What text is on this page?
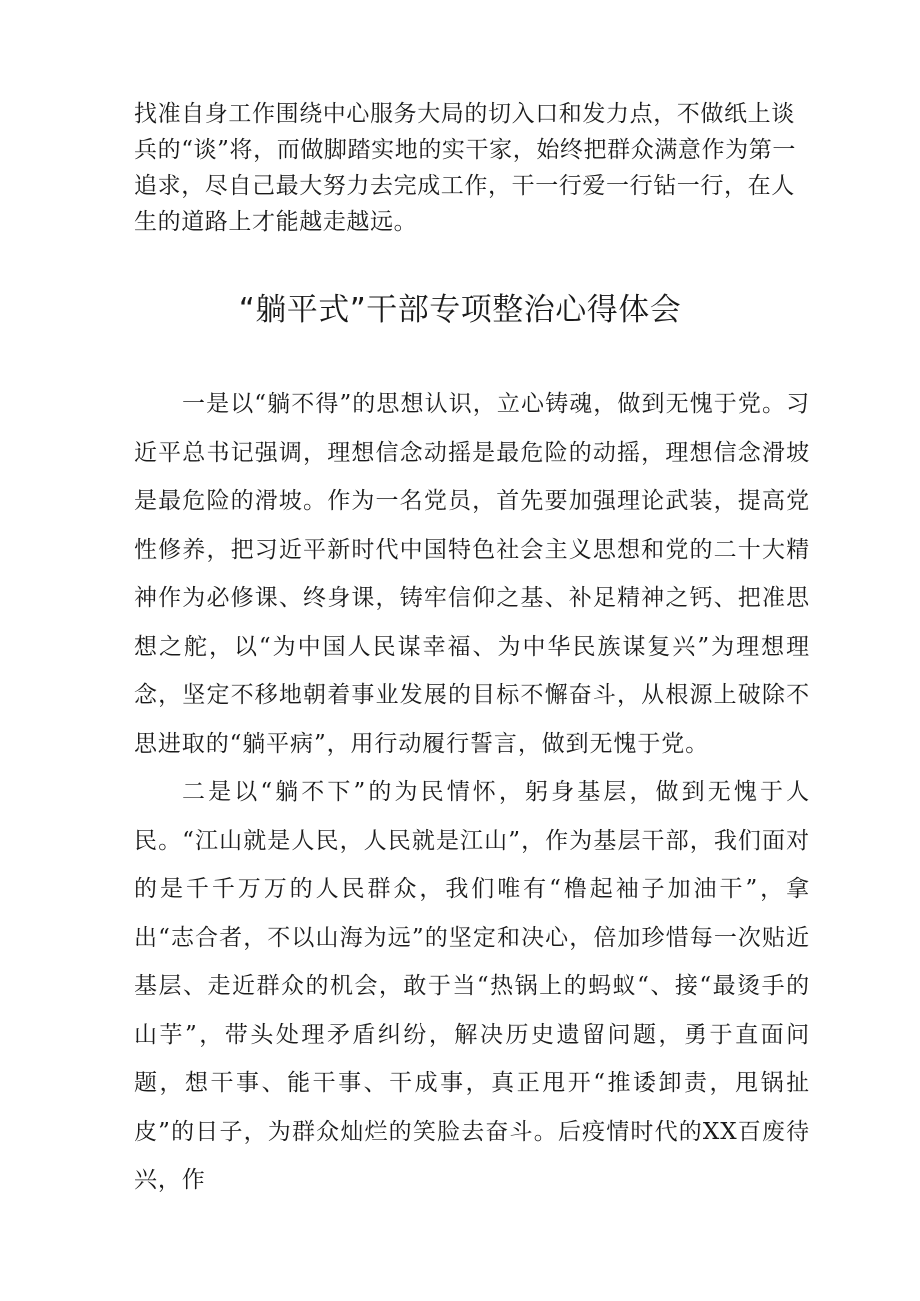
找准自身工作围绕中心服务大局的切入口和发力点，不做纸上谈兵的“谈”将，而做脚踏实地的实干家，始终把群众满意作为第一追求，尽自己最大努力去完成工作，干一行爱一行钻一行，在人生的道路上才能越走越远。

“躺平式”干部专项整治心得体会

一是以“躺不得”的思想认识，立心铸魂，做到无愧于党。习近平总书记强调，理想信念动摇是最危险的动摇，理想信念滑坡是最危险的滑坡。作为一名党员，首先要加强理论武装，提高党性修养，把习近平新时代中国特色社会主义思想和党的二十大精神作为必修课、终身课，铸牢信仰之基、补足精神之钙、把准思想之舵，以“为中国人民谋幸福、为中华民族谋复兴”为理想理念，坚定不移地朝着事业发展的目标不懈奋斗，从根源上破除不思进取的“躺平病”，用行动履行誓言，做到无愧于党。

二是以“躺不下”的为民情怀，躬身基层，做到无愧于人民。“江山就是人民，人民就是江山”，作为基层干部，我们面对的是千千万万的人民群众，我们唯有“橹起袖子加油干”，拿出“志合者，不以山海为远”的坚定和决心，倍加珍惜每一次贴近基层、走近群众的机会，敢于当“热锅上的蚂蚁“、接“最烫手的山芋”，带头处理矛盾纠纷，解决历史遗留问题，勇于直面问题，想干事、能干事、干成事，真正甩开“推诿卸责，甩锅扯皮”的日子，为群众灿烂的笑脸去奋斗。后疫情时代的XX百废待兴，作
